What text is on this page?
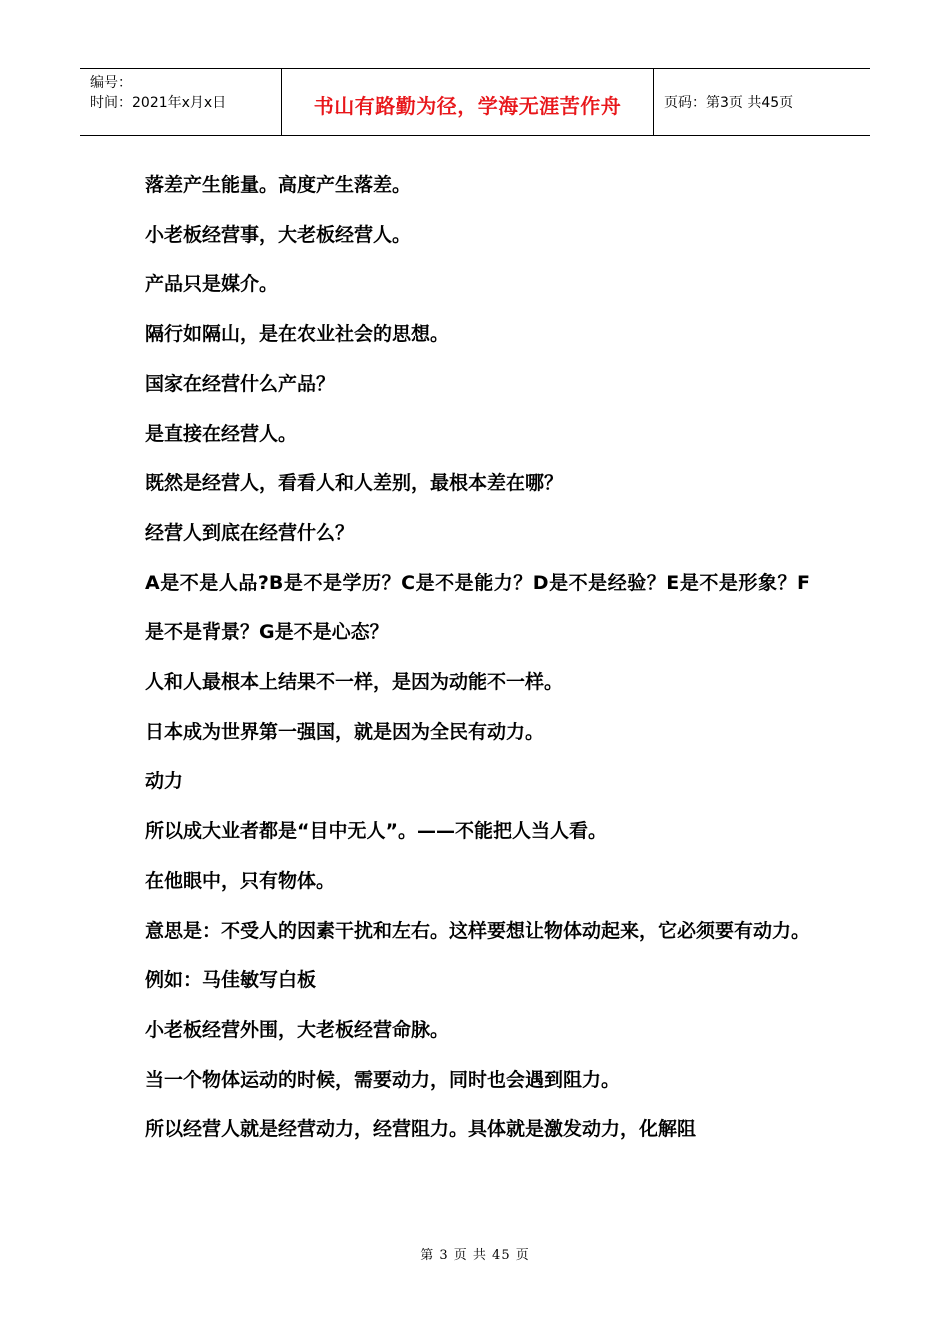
编号：
时间：2021年x月x日	书山有路勤为径，学海无涯苦作舟	页码：第3页 共45页

落差产生能量。高度产生落差。

小老板经营事，大老板经营人。

产品只是媒介。

隔行如隔山，是在农业社会的思想。

国家在经营什么产品？

是直接在经营人。

既然是经营人，看看人和人差别，最根本差在哪？

经营人到底在经营什么？

A是不是人品?B是不是学历？C是不是能力？D是不是经验？E是不是形象？F是不是背景？G是不是心态？

人和人最根本上结果不一样，是因为动能不一样。

日本成为世界第一强国，就是因为全民有动力。

动力

所以成大业者都是“目中无人”。——不能把人当人看。

在他眼中，只有物体。

意思是：不受人的因素干扰和左右。这样要想让物体动起来，它必须要有动力。

例如：马佳敏写白板

小老板经营外围，大老板经营命脉。

当一个物体运动的时候，需要动力，同时也会遇到阻力。

所以经营人就是经营动力，经营阻力。具体就是激发动力，化解阻

第 3 页 共 45 页
